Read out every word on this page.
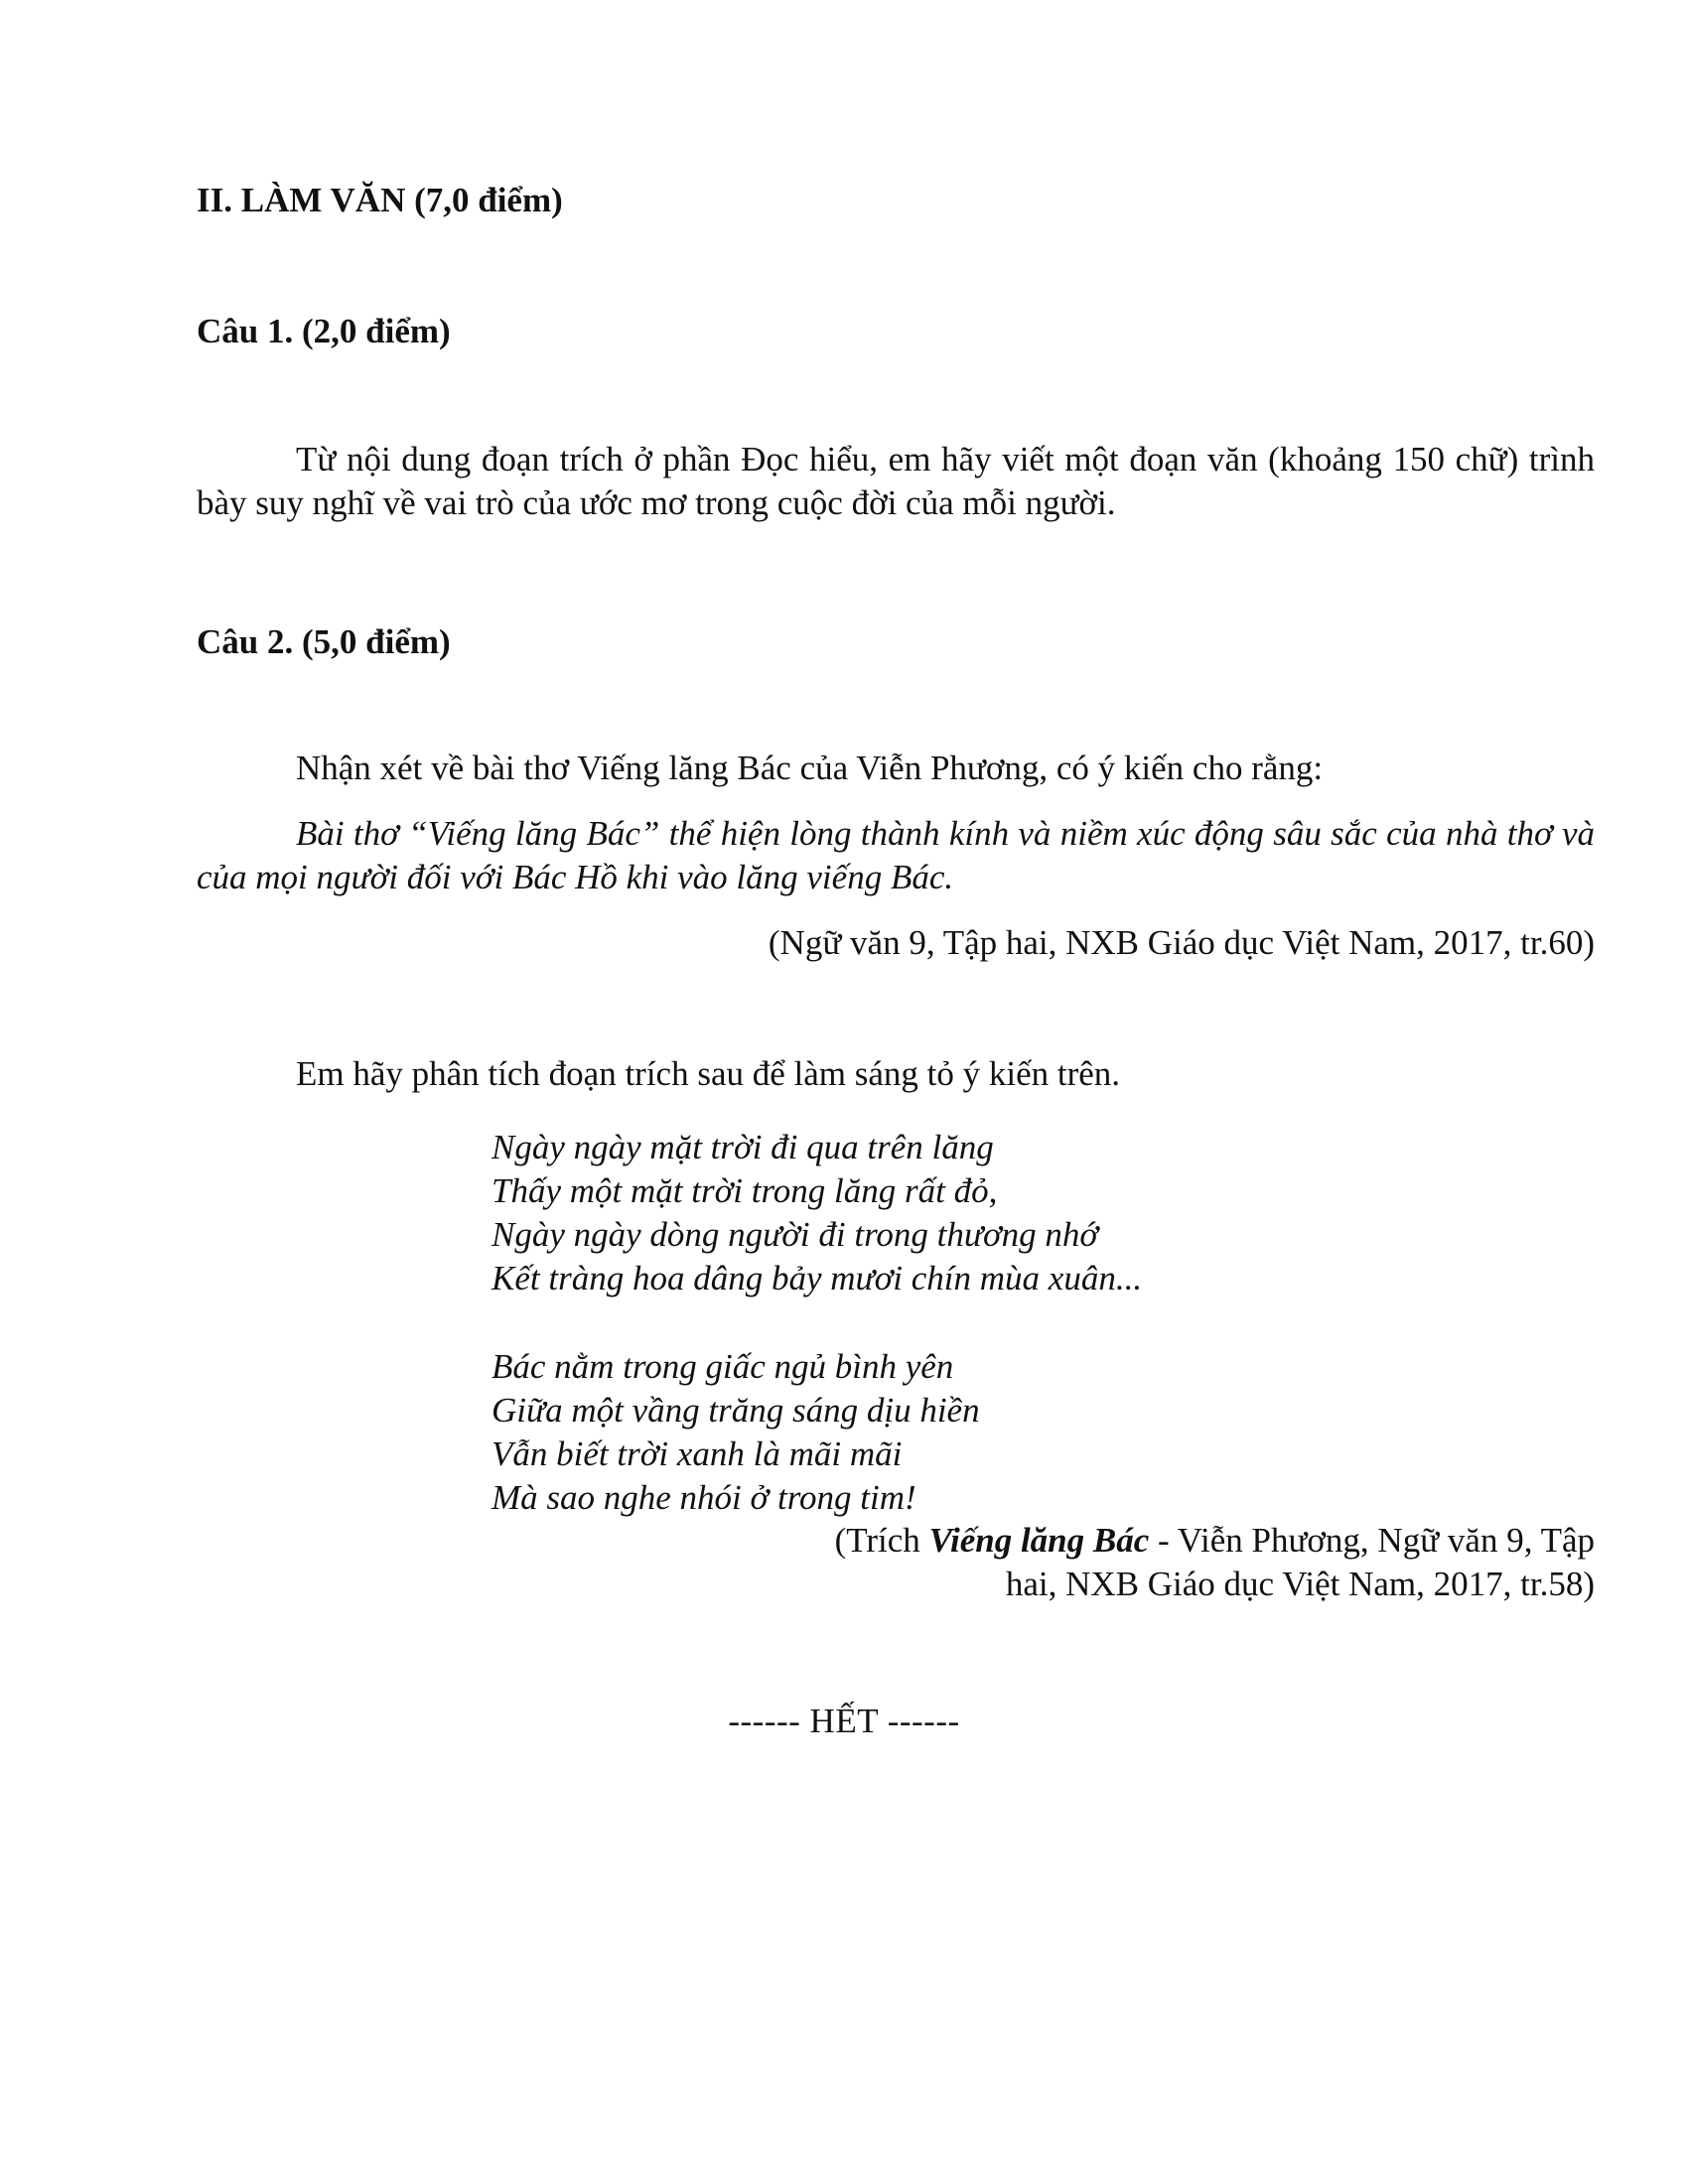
II. LÀM VĂN (7,0 điểm)

Câu 1. (2,0 điểm)

Từ nội dung đoạn trích ở phần Đọc hiểu, em hãy viết một đoạn văn (khoảng 150 chữ) trình bày suy nghĩ về vai trò của ước mơ trong cuộc đời của mỗi người.

Câu 2. (5,0 điểm)

Nhận xét về bài thơ Viếng lăng Bác của Viễn Phương, có ý kiến cho rằng:

Bài thơ “Viếng lăng Bác” thể hiện lòng thành kính và niềm xúc động sâu sắc của nhà thơ và của mọi người đối với Bác Hồ khi vào lăng viếng Bác.

(Ngữ văn 9, Tập hai, NXB Giáo dục Việt Nam, 2017, tr.60)

Em hãy phân tích đoạn trích sau để làm sáng tỏ ý kiến trên.

Ngày ngày mặt trời đi qua trên lăng
Thấy một mặt trời trong lăng rất đỏ,
Ngày ngày dòng người đi trong thương nhớ
Kết tràng hoa dâng bảy mươi chín mùa xuân...
Bác nằm trong giấc ngủ bình yên
Giữa một vầng trăng sáng dịu hiền
Vẫn biết trời xanh là mãi mãi
Mà sao nghe nhói ở trong tim!
(Trích Viếng lăng Bác - Viễn Phương, Ngữ văn 9, Tập
hai, NXB Giáo dục Việt Nam, 2017, tr.58)

------ HẾT ------
